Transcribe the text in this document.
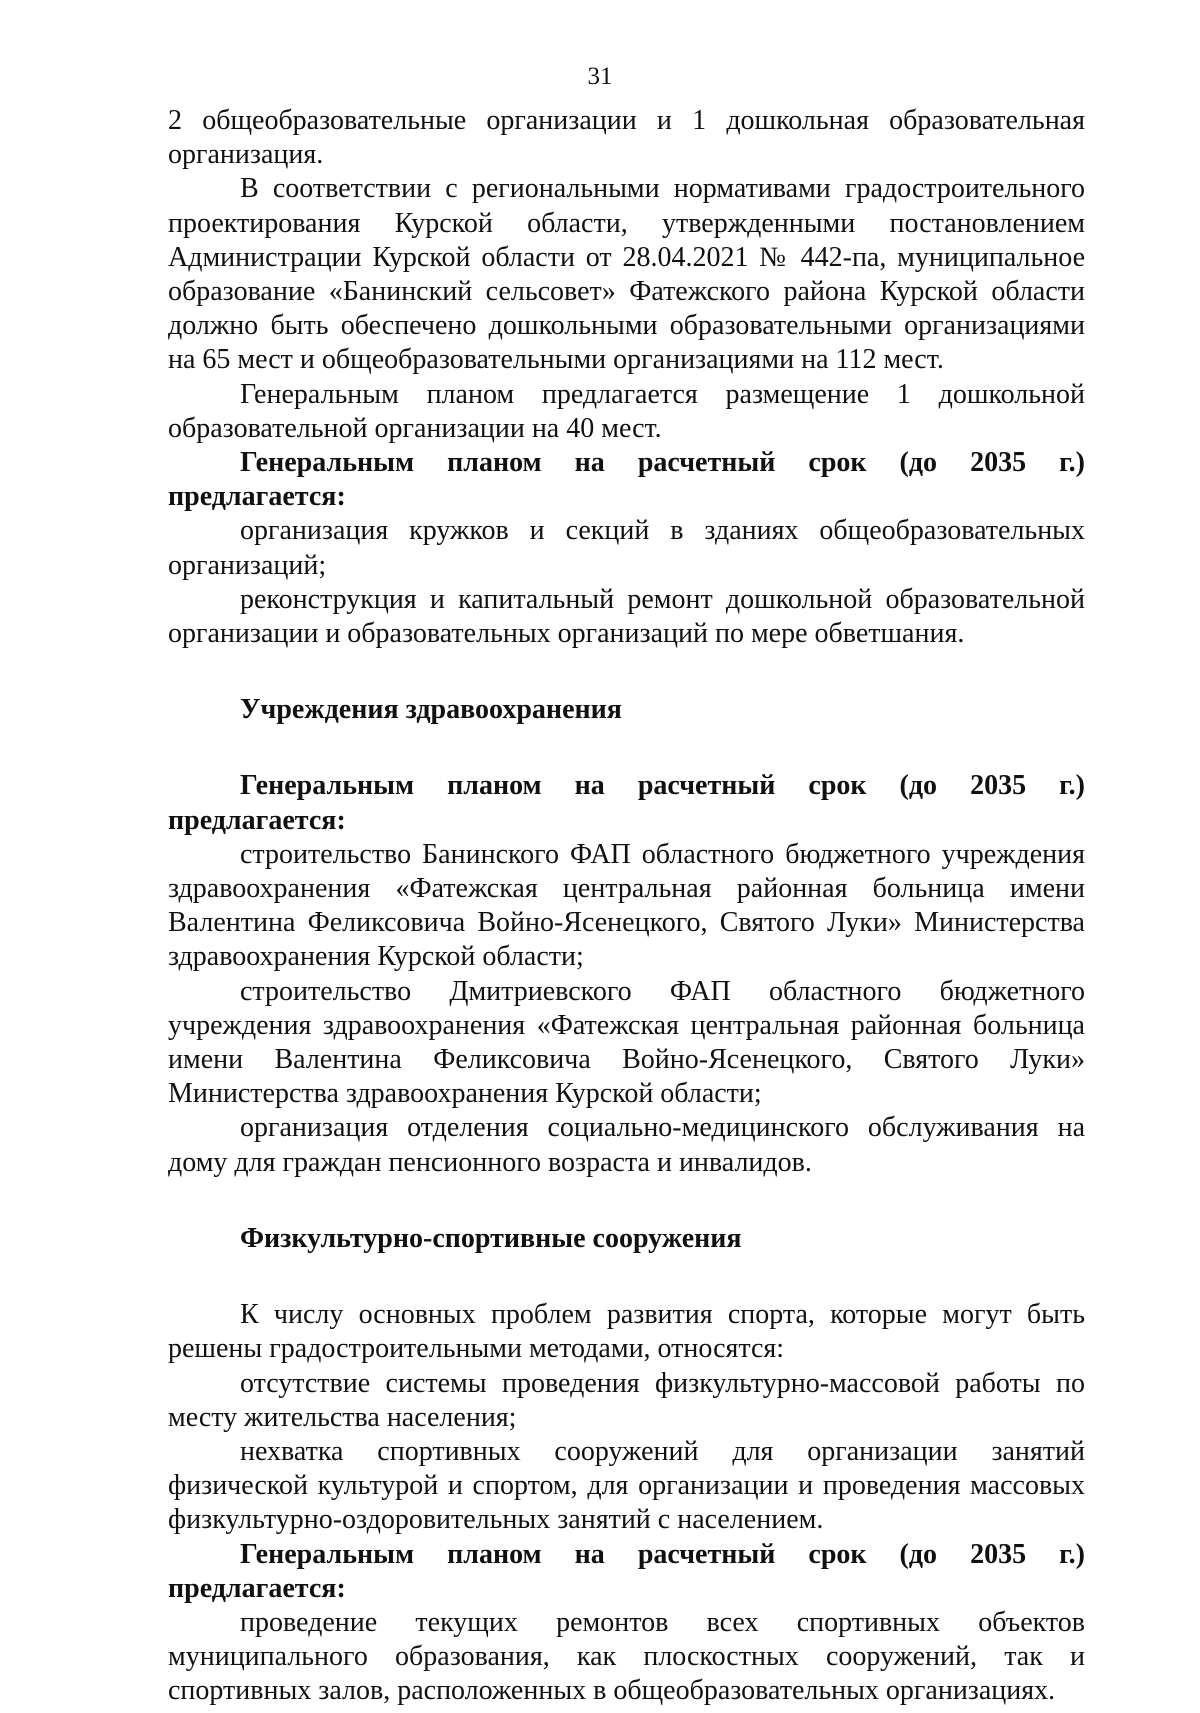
31

2 общеобразовательные организации и 1 дошкольная образовательная организация.

В соответствии с региональными нормативами градостроительного проектирования Курской области, утвержденными постановлением Администрации Курской области от 28.04.2021 № 442-па, муниципальное образование «Банинский сельсовет» Фатежского района Курской области должно быть обеспечено дошкольными образовательными организациями на 65 мест и общеобразовательными организациями на 112 мест.

Генеральным планом предлагается размещение 1 дошкольной образовательной организации на 40 мест.

Генеральным планом на расчетный срок (до 2035 г.) предлагается:

организация кружков и секций в зданиях общеобразовательных организаций;

реконструкция и капитальный ремонт дошкольной образовательной организации и образовательных организаций по мере обветшания.

Учреждения здравоохранения

Генеральным планом на расчетный срок (до 2035 г.) предлагается:

строительство Банинского ФАП областного бюджетного учреждения здравоохранения «Фатежская центральная районная больница имени Валентина Феликсовича Войно-Ясенецкого, Святого Луки» Министерства здравоохранения Курской области;

строительство Дмитриевского ФАП областного бюджетного учреждения здравоохранения «Фатежская центральная районная больница имени Валентина Феликсовича Войно-Ясенецкого, Святого Луки» Министерства здравоохранения Курской области;

организация отделения социально-медицинского обслуживания на дому для граждан пенсионного возраста и инвалидов.

Физкультурно-спортивные сооружения

К числу основных проблем развития спорта, которые могут быть решены градостроительными методами, относятся:

отсутствие системы проведения физкультурно-массовой работы по месту жительства населения;

нехватка спортивных сооружений для организации занятий физической культурой и спортом, для организации и проведения массовых физкультурно-оздоровительных занятий с населением.

Генеральным планом на расчетный срок (до 2035 г.) предлагается:

проведение текущих ремонтов всех спортивных объектов муниципального образования, как плоскостных сооружений, так и спортивных залов, расположенных в общеобразовательных организациях.
